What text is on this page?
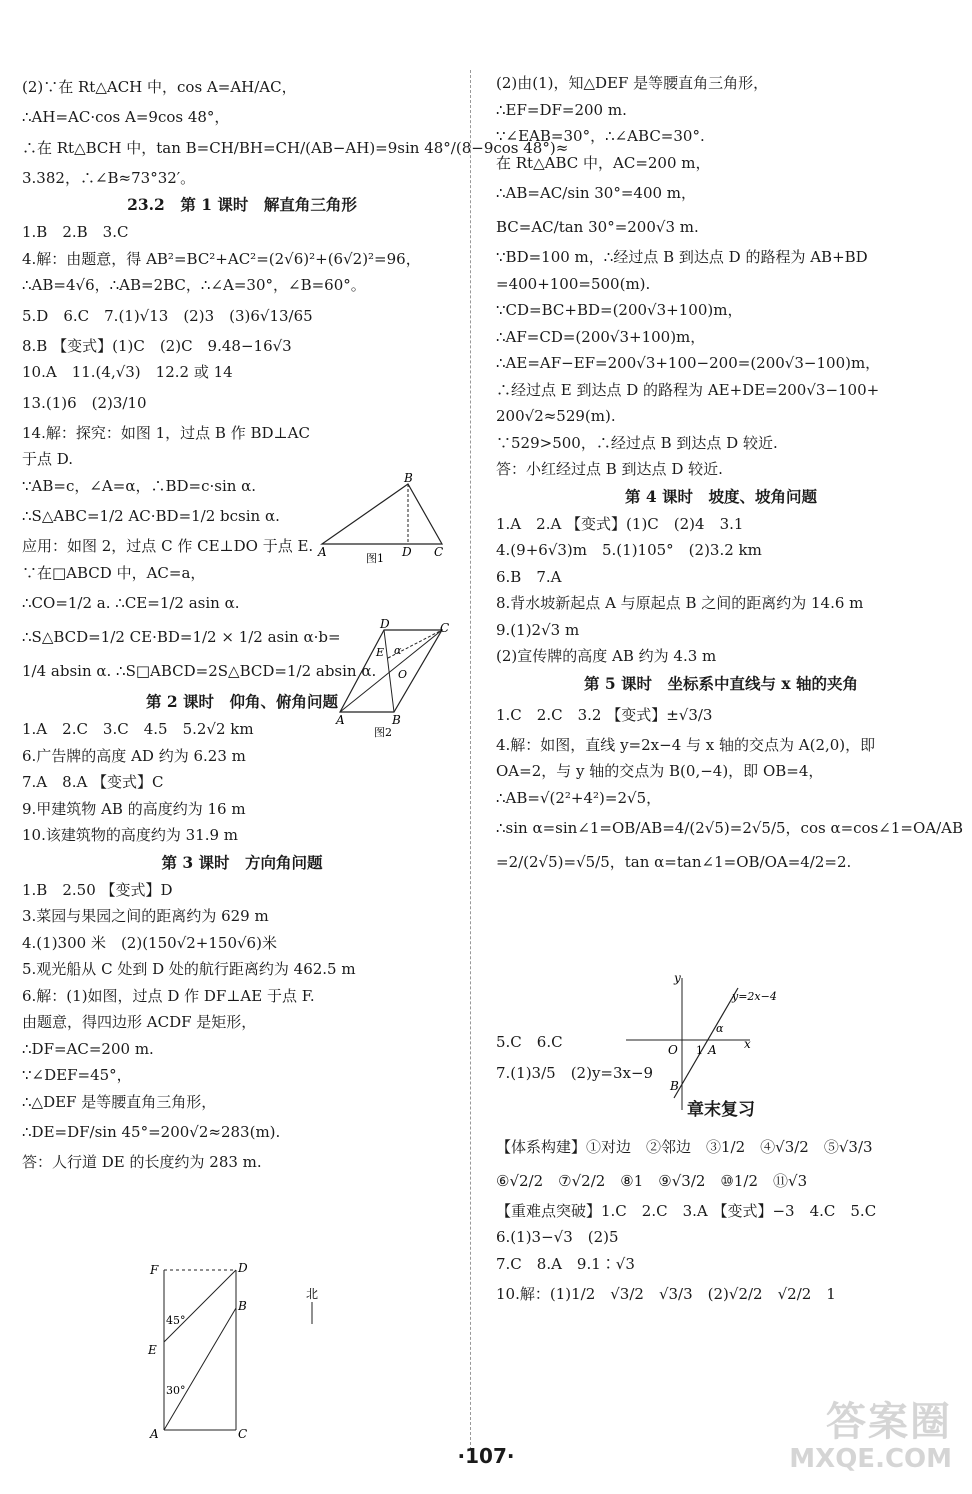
(2)∵在 Rt△ACH 中，cos A=AH/AC，
∴AH=AC·cos A=9cos 48°，
∴在 Rt△BCH 中，tan B=CH/BH=CH/(AB−AH)=9sin 48°/(8−9cos 48°)≈
3.382，∴∠B≈73°32′。
23.2　第 1 课时　解直角三角形
1.B　2.B　3.C
4.解：由题意，得 AB²=BC²+AC²=(2√6)²+(6√2)²=96，
∴AB=4√6，∴AB=2BC，∴∠A=30°，∠B=60°。
5.D　6.C　7.(1)√13　(2)3　(3)6√13/65
8.B 【变式】(1)C　(2)C　9.48−16√3
10.A　11.(4,√3)　12.2 或 14
13.(1)6　(2)3/10
14.解：探究：如图 1，过点 B 作 BD⊥AC
于点 D.
∵AB=c，∠A=α，∴BD=c·sin α.
∴S△ABC=1/2 AC·BD=1/2 bcsin α.
应用：如图 2，过点 C 作 CE⊥DO 于点 E.
∵在□ABCD 中，AC=a，
∴CO=1/2 a. ∴CE=1/2 asin α.
∴S△BCD=1/2 CE·BD=1/2 × 1/2 asin α·b=
1/4 absin α. ∴S□ABCD=2S△BCD=1/2 absin α.
第 2 课时　仰角、俯角问题
1.A　2.C　3.C　4.5　5.2√2 km
6.广告牌的高度 AD 约为 6.23 m
7.A　8.A 【变式】C
9.甲建筑物 AB 的高度约为 16 m
10.该建筑物的高度约为 31.9 m
第 3 课时　方向角问题
1.B　2.50 【变式】D
3.菜园与果园之间的距离约为 629 m
4.(1)300 米　(2)(150√2+150√6)米
5.观光船从 C 处到 D 处的航行距离约为 462.5 m
6.解：(1)如图，过点 D 作 DF⊥AE 于点 F.
由题意，得四边形 ACDF 是矩形，
∴DF=AC=200 m.
∵∠DEF=45°，
∴△DEF 是等腰直角三角形，
∴DE=DF/sin 45°=200√2≈283(m).
答：人行道 DE 的长度约为 283 m.
(2)由(1)，知△DEF 是等腰直角三角形，
∴EF=DF=200 m.
∵∠EAB=30°，∴∠ABC=30°.
在 Rt△ABC 中，AC=200 m，
∴AB=AC/sin 30°=400 m，
BC=AC/tan 30°=200√3 m.
∵BD=100 m，∴经过点 B 到达点 D 的路程为 AB+BD
=400+100=500(m).
∵CD=BC+BD=(200√3+100)m，
∴AF=CD=(200√3+100)m，
∴AE=AF−EF=200√3+100−200=(200√3−100)m，
∴经过点 E 到达点 D 的路程为 AE+DE=200√3−100+
200√2≈529(m).
∵529>500，∴经过点 B 到达点 D 较近.
答：小红经过点 B 到达点 D 较近.
第 4 课时　坡度、坡角问题
1.A　2.A 【变式】(1)C　(2)4　3.1
4.(9+6√3)m　5.(1)105°　(2)3.2 km
6.B　7.A
8.背水坡新起点 A 与原起点 B 之间的距离约为 14.6 m
9.(1)2√3 m
(2)宣传牌的高度 AB 约为 4.3 m
第 5 课时　坐标系中直线与 x 轴的夹角
1.C　2.C　3.2 【变式】±√3/3
4.解：如图，直线 y=2x−4 与 x 轴的交点为 A(2,0)，即
OA=2，与 y 轴的交点为 B(0,−4)，即 OB=4，
∴AB=√(2²+4²)=2√5，
∴sin α=sin∠1=OB/AB=4/(2√5)=2√5/5，cos α=cos∠1=OA/AB
=2/(2√5)=√5/5，tan α=tan∠1=OB/OA=4/2=2.
5.C　6.C
7.(1)3/5　(2)y=3x−9
章末复习
【体系构建】①对边　②邻边　③1/2　④√3/2　⑤√3/3
⑥√2/2　⑦√2/2　⑧1　⑨√3/2　⑩1/2　⑪√3
【重难点突破】1.C　2.C　3.A 【变式】−3　4.C　5.C
6.(1)3−√3　(2)5
7.C　8.A　9.1∶√3
10.解：(1)1/2　√3/2　√3/3　(2)√2/2　√2/2　1
A
B
C
D
图1
D	C
A	B
E
O
α
图2
F	D
B
E
A	C
45°
30°
北
y
x
O	A
B
1
α
y=2x−4
·107·
答案圈
MXQE.COM
